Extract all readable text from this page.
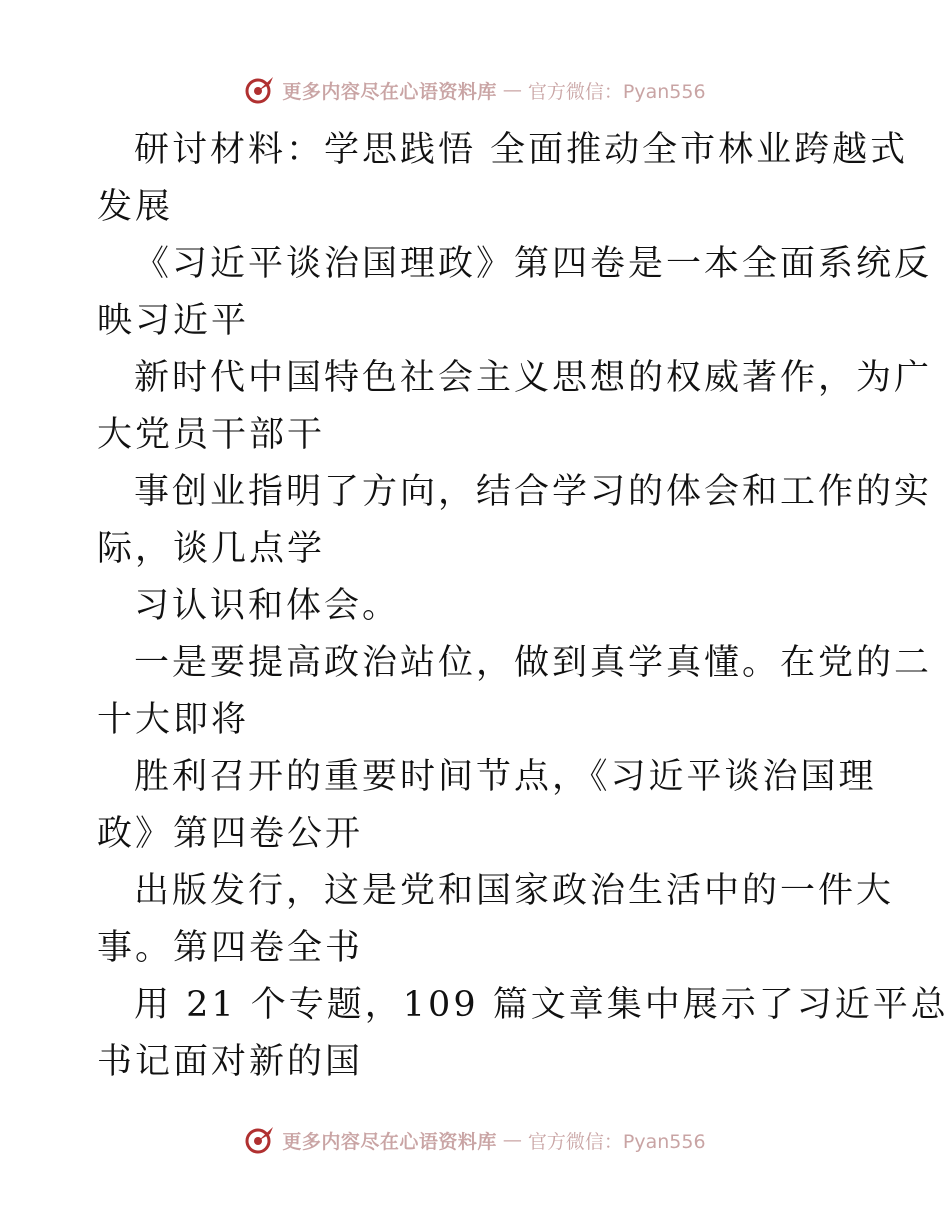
更多内容尽在心语资料库 — 官方微信：Pyan556

研讨材料：学思践悟 全面推动全市林业跨越式
发展

《习近平谈治国理政》第四卷是一本全面系统反
映习近平

新时代中国特色社会主义思想的权威著作，为广
大党员干部干

事创业指明了方向，结合学习的体会和工作的实
际，谈几点学

习认识和体会。

一是要提高政治站位，做到真学真懂。在党的二
十大即将

胜利召开的重要时间节点，《习近平谈治国理
政》第四卷公开

出版发行，这是党和国家政治生活中的一件大
事。第四卷全书

用 21 个专题，109 篇文章集中展示了习近平总
书记面对新的国

更多内容尽在心语资料库 — 官方微信：Pyan556
